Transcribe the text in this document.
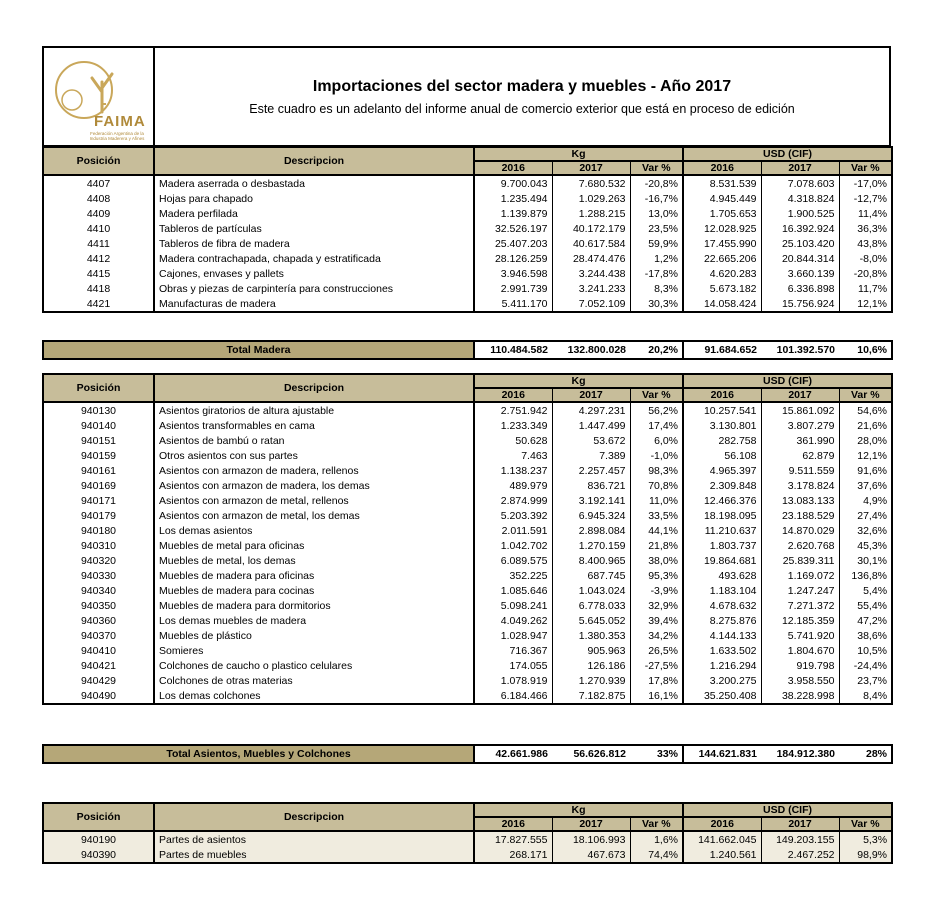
FAIMA
Federación Argentina de la Industria Maderera y Afines
Importaciones del sector madera y muebles - Año 2017
Este cuadro es un adelanto del informe anual de comercio exterior que está en proceso de edición
Posición	Descripcion	Kg			USD (CIF)		
		2016	2017	Var %	2016	2017	Var %
4407	Madera aserrada o desbastada	9.700.043	7.680.532	-20,8%	8.531.539	7.078.603	-17,0%
4408	Hojas para chapado	1.235.494	1.029.263	-16,7%	4.945.449	4.318.824	-12,7%
4409	Madera perfilada	1.139.879	1.288.215	13,0%	1.705.653	1.900.525	11,4%
4410	Tableros de partículas	32.526.197	40.172.179	23,5%	12.028.925	16.392.924	36,3%
4411	Tableros de fibra de madera	25.407.203	40.617.584	59,9%	17.455.990	25.103.420	43,8%
4412	Madera contrachapada, chapada y estratificada	28.126.259	28.474.476	1,2%	22.665.206	20.844.314	-8,0%
4415	Cajones, envases y pallets	3.946.598	3.244.438	-17,8%	4.620.283	3.660.139	-20,8%
4418	Obras y piezas de carpintería para construcciones	2.991.739	3.241.233	8,3%	5.673.182	6.336.898	11,7%
4421	Manufacturas de madera	5.411.170	7.052.109	30,3%	14.058.424	15.756.924	12,1%
Total Madera	110.484.582	132.800.028	20,2%	91.684.652	101.392.570	10,6%
Posición	Descripcion	Kg			USD (CIF)		
		2016	2017	Var %	2016	2017	Var %
940130	Asientos giratorios de altura ajustable	2.751.942	4.297.231	56,2%	10.257.541	15.861.092	54,6%
940140	Asientos transformables en cama	1.233.349	1.447.499	17,4%	3.130.801	3.807.279	21,6%
940151	Asientos de bambú o ratan	50.628	53.672	6,0%	282.758	361.990	28,0%
940159	Otros asientos con sus partes	7.463	7.389	-1,0%	56.108	62.879	12,1%
940161	Asientos con armazon de madera, rellenos	1.138.237	2.257.457	98,3%	4.965.397	9.511.559	91,6%
940169	Asientos con armazon de madera, los demas	489.979	836.721	70,8%	2.309.848	3.178.824	37,6%
940171	Asientos con armazon de metal, rellenos	2.874.999	3.192.141	11,0%	12.466.376	13.083.133	4,9%
940179	Asientos con armazon de metal, los demas	5.203.392	6.945.324	33,5%	18.198.095	23.188.529	27,4%
940180	Los demas asientos	2.011.591	2.898.084	44,1%	11.210.637	14.870.029	32,6%
940310	Muebles de metal para oficinas	1.042.702	1.270.159	21,8%	1.803.737	2.620.768	45,3%
940320	Muebles de metal, los demas	6.089.575	8.400.965	38,0%	19.864.681	25.839.311	30,1%
940330	Muebles de madera para oficinas	352.225	687.745	95,3%	493.628	1.169.072	136,8%
940340	Muebles de madera para cocinas	1.085.646	1.043.024	-3,9%	1.183.104	1.247.247	5,4%
940350	Muebles de madera para dormitorios	5.098.241	6.778.033	32,9%	4.678.632	7.271.372	55,4%
940360	Los demas muebles de madera	4.049.262	5.645.052	39,4%	8.275.876	12.185.359	47,2%
940370	Muebles de plástico	1.028.947	1.380.353	34,2%	4.144.133	5.741.920	38,6%
940410	Somieres	716.367	905.963	26,5%	1.633.502	1.804.670	10,5%
940421	Colchones de caucho o plastico celulares	174.055	126.186	-27,5%	1.216.294	919.798	-24,4%
940429	Colchones de otras materias	1.078.919	1.270.939	17,8%	3.200.275	3.958.550	23,7%
940490	Los demas colchones	6.184.466	7.182.875	16,1%	35.250.408	38.228.998	8,4%
Total Asientos, Muebles y Colchones	42.661.986	56.626.812	33%	144.621.831	184.912.380	28%
Posición	Descripcion	Kg			USD (CIF)		
		2016	2017	Var %	2016	2017	Var %
940190	Partes de asientos	17.827.555	18.106.993	1,6%	141.662.045	149.203.155	5,3%
940390	Partes de muebles	268.171	467.673	74,4%	1.240.561	2.467.252	98,9%
